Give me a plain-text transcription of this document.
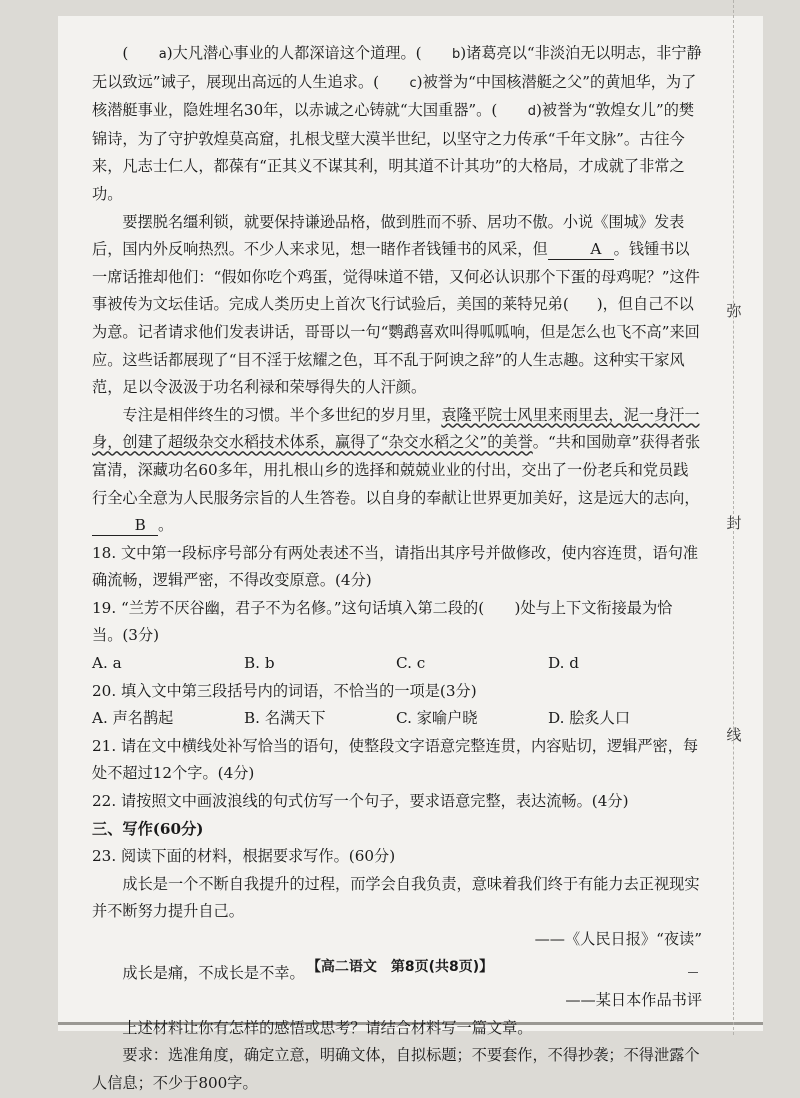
( a)大凡潜心事业的人都深谙这个道理。( b)诸葛亮以“非淡泊无以明志，非宁静无以致远”诫子，展现出高远的人生追求。( c)被誉为“中国核潜艇之父”的黄旭华，为了核潜艇事业，隐姓埋名30年，以赤诚之心铸就“大国重器”。( d)被誉为“敦煌女儿”的樊锦诗，为了守护敦煌莫高窟，扎根戈壁大漠半世纪，以坚守之力传承“千年文脉”。古往今来，凡志士仁人，都葆有“正其义不谋其利，明其道不计其功”的大格局，才成就了非常之功。

要摆脱名缰利锁，就要保持谦逊品格，做到胜而不骄、居功不傲。小说《围城》发表后，国内外反响热烈。不少人来求见，想一睹作者钱锺书的风采，但	A 。钱锺书以一席话推却他们：“假如你吃个鸡蛋，觉得味道不错，又何必认识那个下蛋的母鸡呢？”这件事被传为文坛佳话。完成人类历史上首次飞行试验后，美国的莱特兄弟( )，但自己不以为意。记者请求他们发表讲话，哥哥以一句“鹦鹉喜欢叫得呱呱响，但是怎么也飞不高”来回应。这些话都展现了“目不淫于炫耀之色，耳不乱于阿谀之辞”的人生志趣。这种实干家风范，足以令汲汲于功名利禄和荣辱得失的人汗颜。

专注是相伴终生的习惯。半个多世纪的岁月里，袁隆平院士风里来雨里去，泥一身汗一身，创建了超级杂交水稻技术体系，赢得了“杂交水稻之父”的美誉。“共和国勋章”获得者张富清，深藏功名60多年，用扎根山乡的选择和兢兢业业的付出，交出了一份老兵和党员践行全心全意为人民服务宗旨的人生答卷。以自身的奉献让世界更加美好，这是远大的志向，B 。

18. 文中第一段标序号部分有两处表述不当，请指出其序号并做修改，使内容连贯，语句准确流畅，逻辑严密，不得改变原意。(4分)

19. “兰芳不厌谷幽，君子不为名修。”这句话填入第二段的(　　)处与上下文衔接最为恰当。(3分)

A. a	B. b	C. c	D. d

20. 填入文中第三段括号内的词语，不恰当的一项是(3分)

A. 声名鹊起	B. 名满天下	C. 家喻户晓	D. 脍炙人口

21. 请在文中横线处补写恰当的语句，使整段文字语意完整连贯，内容贴切，逻辑严密，每处不超过12个字。(4分)

22. 请按照文中画波浪线的句式仿写一个句子，要求语意完整，表达流畅。(4分)

三、写作(60分)

23. 阅读下面的材料，根据要求写作。(60分)

成长是一个不断自我提升的过程，而学会自我负责，意味着我们终于有能力去正视现实并不断努力提升自己。

——《人民日报》“夜读”

成长是痛，不成长是不幸。

——某日本作品书评

上述材料让你有怎样的感悟或思考？请结合材料写一篇文章。

要求：选准角度，确定立意，明确文体，自拟标题；不要套作，不得抄袭；不得泄露个人信息；不少于800字。

弥
封
线
【高二语文　第8页(共8页)】
